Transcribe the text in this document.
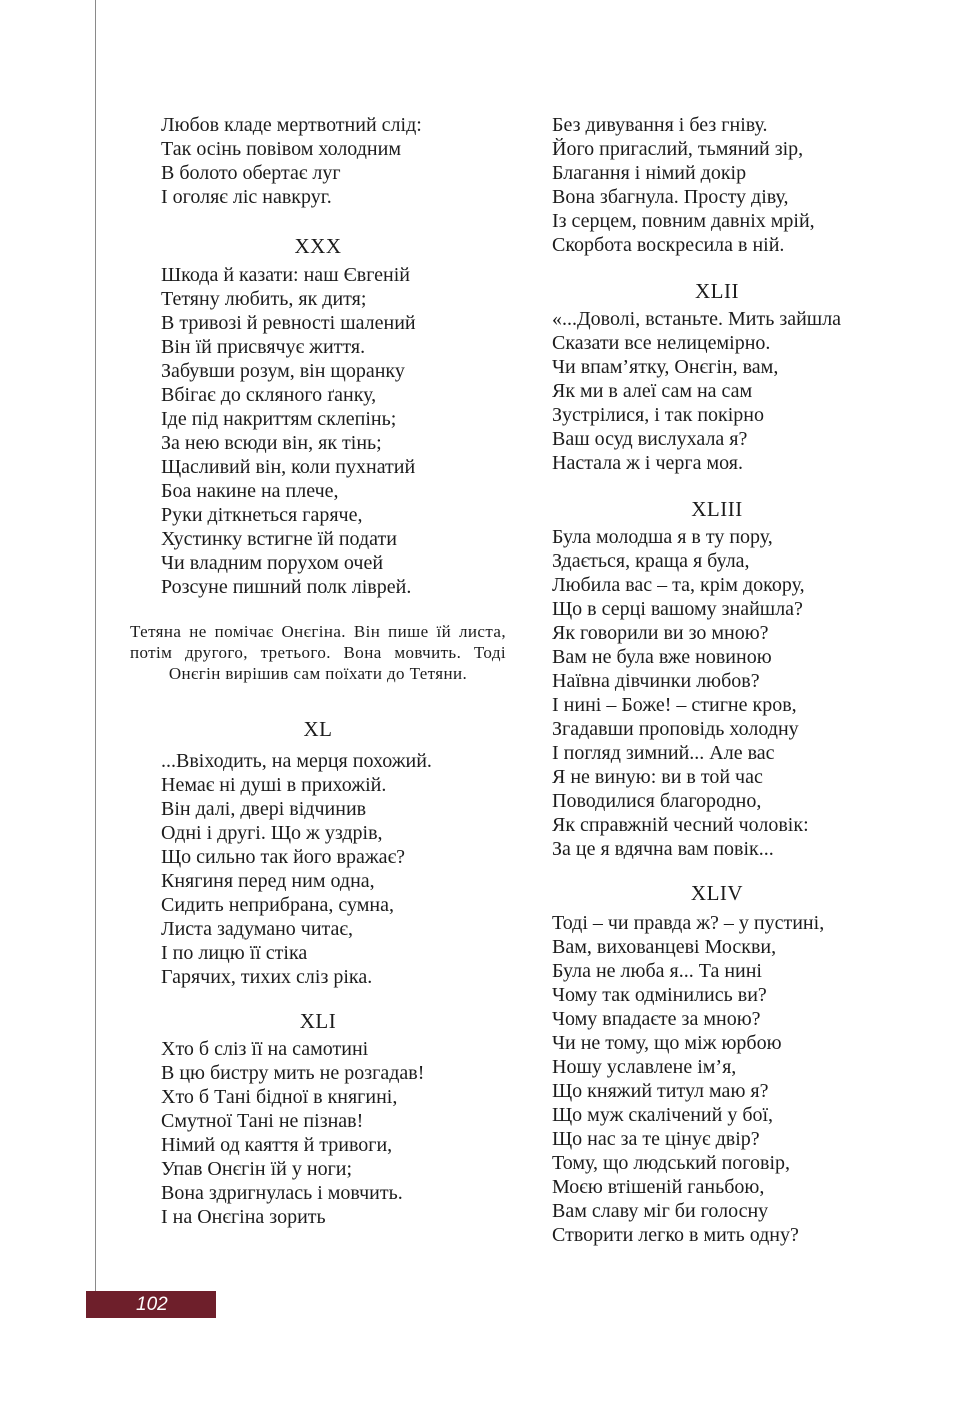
Любов кладе мертвотний слід:
Так осінь повівом холодним
В болото обертає луг
І оголяє ліс навкруг.
XXX
Шкода й казати: наш Євгеній
Тетяну любить, як дитя;
В тривозі й ревності шалений
Він їй присвячує життя.
Забувши розум, він щоранку
Вбігає до скляного ґанку,
Іде під накриттям склепінь;
За нею всюди він, як тінь;
Щасливий він, коли пухнатий
Боа накине на плече,
Руки діткнеться гаряче,
Хустинку встигне їй подати
Чи владним порухом очей
Розсуне пишний полк ліврей.

Тетяна не помічає Онєгіна. Він пише їй листа, потім другого, третього. Вона мовчить. Тоді Онєгін вирішив сам поїхати до Тетяни.

XL
...Ввіходить, на мерця похожий.
Немає ні душі в прихожій.
Він далі, двері відчинив
Одні і другі. Що ж уздрів,
Що сильно так його вражає?
Княгиня перед ним одна,
Сидить неприбрана, сумна,
Листа задумано читає,
І по лицю її стіка
Гарячих, тихих сліз ріка.
XLI
Хто б сліз її на самотині
В цю бистру мить не розгадав!
Хто б Тані бідної в княгині,
Смутної Тані не пізнав!
Німий од каяття й тривоги,
Упав Онєгін їй у ноги;
Вона здригнулась і мовчить.
І на Онєгіна зорить
Без дивування і без гніву.
Його пригаслий, тьмяний зір,
Благання і німий докір
Вона збагнула. Просту діву,
Із серцем, повним давніх мрій,
Скорбота воскресила в ній.
XLII
«...Доволі, встаньте. Мить зайшла
Сказати все нелицемірно.
Чи впам’ятку, Онєгін, вам,
Як ми в алеї сам на сам
Зустрілися, і так покірно
Ваш осуд вислухала я?
Настала ж і черга моя.
XLIII
Була молодша я в ту пору,
Здається, краща я була,
Любила вас – та, крім докору,
Що в серці вашому знайшла?
Як говорили ви зо мною?
Вам не була вже новиною
Наївна дівчинки любов?
І нині – Боже! – стигне кров,
Згадавши проповідь холодну
І погляд зимний... Але вас
Я не виную: ви в той час
Поводилися благородно,
Як справжній чесний чоловік:
За це я вдячна вам повік...
XLIV
Тоді – чи правда ж? – у пустині,
Вам, вихованцеві Москви,
Була не люба я... Та нині
Чому так одмінились ви?
Чому впадаєте за мною?
Чи не тому, що між юрбою
Ношу уславлене ім’я,
Що княжий титул маю я?
Що муж скалічений у бої,
Що нас за те цінує двір?
Тому, що людський поговір,
Моєю втішеній ганьбою,
Вам славу міг би голосну
Створити легко в мить одну?
102
